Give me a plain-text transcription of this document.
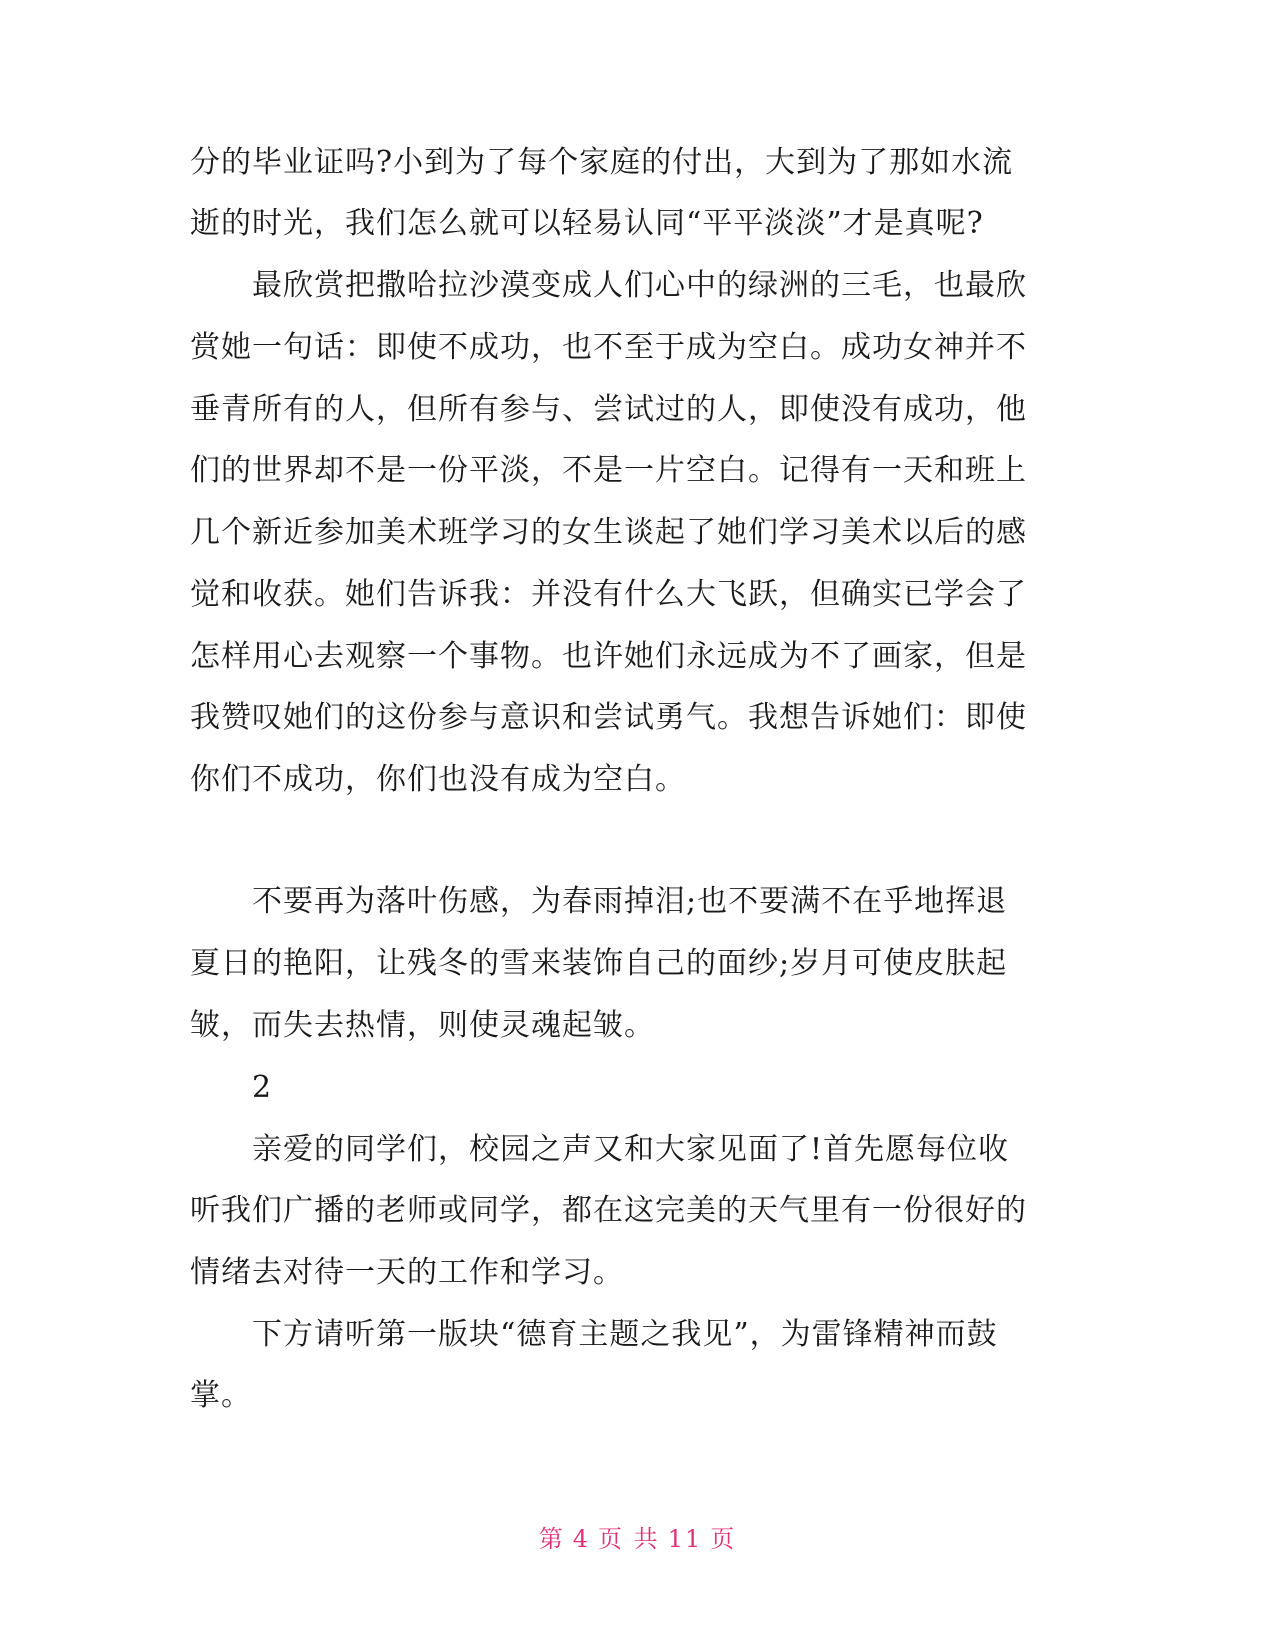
分的毕业证吗?小到为了每个家庭的付出，大到为了那如水流
逝的时光，我们怎么就可以轻易认同“平平淡淡”才是真呢?
最欣赏把撒哈拉沙漠变成人们心中的绿洲的三毛，也最欣
赏她一句话：即使不成功，也不至于成为空白。成功女神并不
垂青所有的人，但所有参与、尝试过的人，即使没有成功，他
们的世界却不是一份平淡，不是一片空白。记得有一天和班上
几个新近参加美术班学习的女生谈起了她们学习美术以后的感
觉和收获。她们告诉我：并没有什么大飞跃，但确实已学会了
怎样用心去观察一个事物。也许她们永远成为不了画家，但是
我赞叹她们的这份参与意识和尝试勇气。我想告诉她们：即使
你们不成功，你们也没有成为空白。
不要再为落叶伤感，为春雨掉泪;也不要满不在乎地挥退
夏日的艳阳，让残冬的雪来装饰自己的面纱;岁月可使皮肤起
皱，而失去热情，则使灵魂起皱。
2
亲爱的同学们，校园之声又和大家见面了!首先愿每位收
听我们广播的老师或同学，都在这完美的天气里有一份很好的
情绪去对待一天的工作和学习。
下方请听第一版块“德育主题之我见”，为雷锋精神而鼓
掌。
第 4 页 共 11 页
